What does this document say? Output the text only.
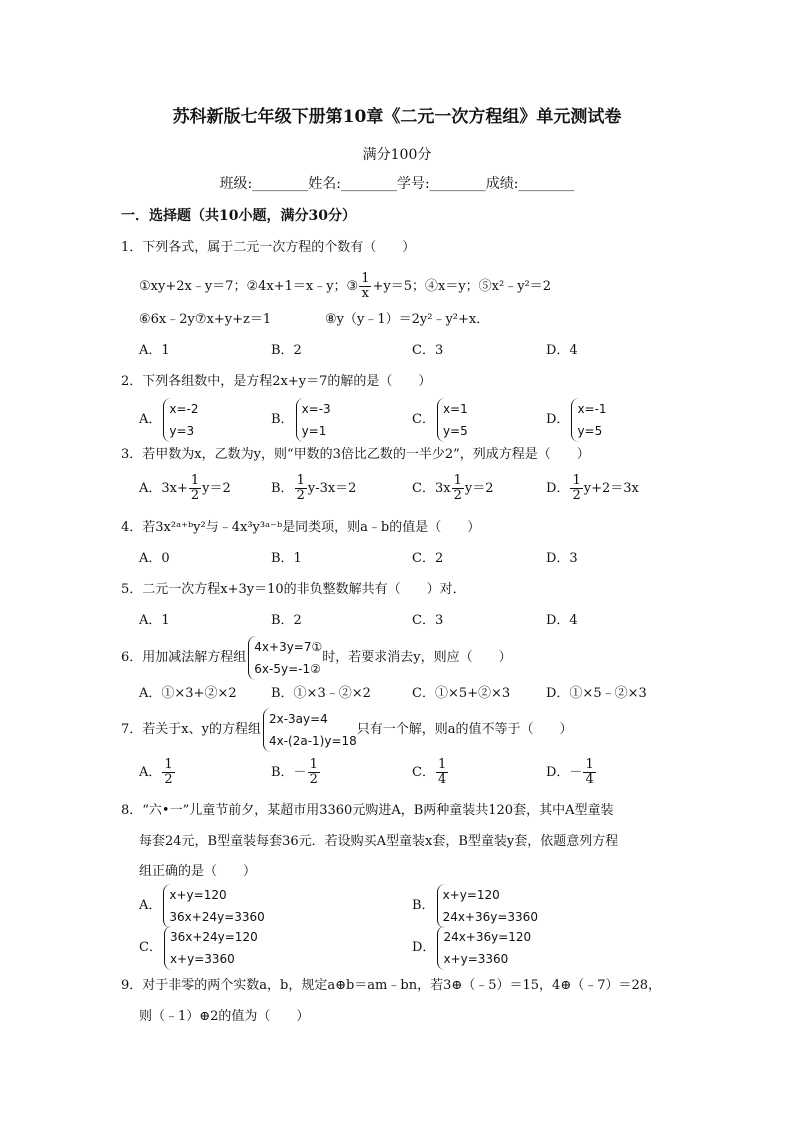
苏科新版七年级下册第10章《二元一次方程组》单元测试卷
满分100分
班级:________姓名:________学号:________成绩:________
一．选择题（共10小题，满分30分）
1．下列各式，属于二元一次方程的个数有（　　）
①xy+2x﹣y＝7；②4x+1＝x﹣y；③ $\frac{1}{x} +y=5$；④x＝y；⑤x²﹣y²＝2
⑥6x﹣2y⑦x+y+z＝1	⑧y（y﹣1）＝2y²﹣y²+x．
A．1	B．2	C．3	D．4
2．下列各组数中，是方程2x+y＝7的解的是（　　）
A．
x=-2
y=3
B．
x=-3
y=1
C．
x=1
y=5
D．
x=-1
y=5
3．若甲数为x，乙数为y，则“甲数的3倍比乙数的一半少2”，列成方程是（　　）
A．$3x+ \frac{1}{2} y=2$	B． $\frac{1}{2} y-3x=2$	C．$3x \frac{1}{2} y=2$	D． $\frac{1}{2} y+2=3x$
4．若3x²ᵃ⁺ᵇy²与﹣4x³y³ᵃ⁻ᵇ是同类项，则a﹣b的值是（　　）
A．0	B．1	C．2	D．3
5．二元一次方程x+3y＝10的非负整数解共有（　　）对．
A．1	B．2	C．3	D．4
6．用加减法解方程组
4x+3y=7①
6x-5y=-1②
时，若要求消去y，则应（　　）
A．①×3+②×2	B．①×3﹣②×2	C．①×5+②×3	D．①×5﹣②×3
7．若关于x、y的方程组
2x-3ay=4
4x-(2a-1)y=18
只有一个解，则a的值不等于（　　）
A． $\frac{1}{2}$	B．－ $\frac{1}{2}$	C． $\frac{1}{4}$	D．－ $\frac{1}{4}$
8．“六•一”儿童节前夕，某超市用3360元购进A，B两种童装共120套，其中A型童装
每套24元，B型童装每套36元．若设购买A型童装x套，B型童装y套，依题意列方程
组正确的是（　　）
A．
x+y=120
36x+24y=3360
B．
x+y=120
24x+36y=3360
C．
36x+24y=120
x+y=3360
D．
24x+36y=120
x+y=3360
9．对于非零的两个实数a，b，规定a⊕b＝am﹣bn，若3⊕（﹣5）＝15，4⊕（﹣7）＝28，
则（﹣1）⊕2的值为（　　）
